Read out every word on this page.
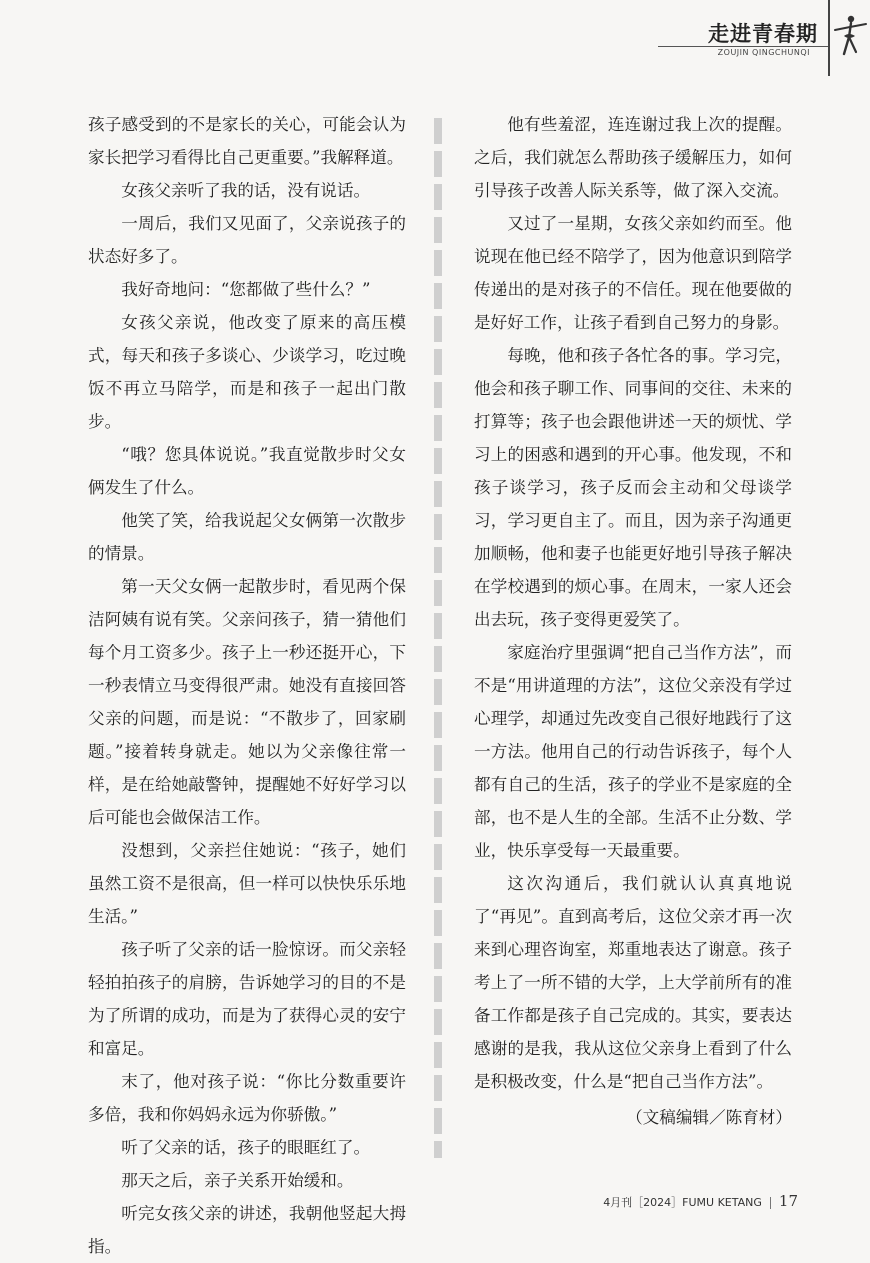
走进青春期
ZOUJIN QINGCHUNQI

孩子感受到的不是家长的关心，可能会认为家长把学习看得比自己更重要。”我解释道。

女孩父亲听了我的话，没有说话。

一周后，我们又见面了，父亲说孩子的状态好多了。

我好奇地问：“您都做了些什么？”

女孩父亲说，他改变了原来的高压模式，每天和孩子多谈心、少谈学习，吃过晚饭不再立马陪学，而是和孩子一起出门散步。

“哦？您具体说说。”我直觉散步时父女俩发生了什么。

他笑了笑，给我说起父女俩第一次散步的情景。

第一天父女俩一起散步时，看见两个保洁阿姨有说有笑。父亲问孩子，猜一猜他们每个月工资多少。孩子上一秒还挺开心，下一秒表情立马变得很严肃。她没有直接回答父亲的问题，而是说：“不散步了，回家刷题。”接着转身就走。她以为父亲像往常一样，是在给她敲警钟，提醒她不好好学习以后可能也会做保洁工作。

没想到，父亲拦住她说：“孩子，她们虽然工资不是很高，但一样可以快快乐乐地生活。”

孩子听了父亲的话一脸惊讶。而父亲轻轻拍拍孩子的肩膀，告诉她学习的目的不是为了所谓的成功，而是为了获得心灵的安宁和富足。

末了，他对孩子说：“你比分数重要许多倍，我和你妈妈永远为你骄傲。”

听了父亲的话，孩子的眼眶红了。

那天之后，亲子关系开始缓和。

听完女孩父亲的讲述，我朝他竖起大拇指。

他有些羞涩，连连谢过我上次的提醒。之后，我们就怎么帮助孩子缓解压力，如何引导孩子改善人际关系等，做了深入交流。

又过了一星期，女孩父亲如约而至。他说现在他已经不陪学了，因为他意识到陪学传递出的是对孩子的不信任。现在他要做的是好好工作，让孩子看到自己努力的身影。

每晚，他和孩子各忙各的事。学习完，他会和孩子聊工作、同事间的交往、未来的打算等；孩子也会跟他讲述一天的烦忧、学习上的困惑和遇到的开心事。他发现，不和孩子谈学习，孩子反而会主动和父母谈学习，学习更自主了。而且，因为亲子沟通更加顺畅，他和妻子也能更好地引导孩子解决在学校遇到的烦心事。在周末，一家人还会出去玩，孩子变得更爱笑了。

家庭治疗里强调“把自己当作方法”，而不是“用讲道理的方法”，这位父亲没有学过心理学，却通过先改变自己很好地践行了这一方法。他用自己的行动告诉孩子，每个人都有自己的生活，孩子的学业不是家庭的全部，也不是人生的全部。生活不止分数、学业，快乐享受每一天最重要。

这次沟通后，我们就认认真真地说了“再见”。直到高考后，这位父亲才再一次来到心理咨询室，郑重地表达了谢意。孩子考上了一所不错的大学，上大学前所有的准备工作都是孩子自己完成的。其实，要表达感谢的是我，我从这位父亲身上看到了什么是积极改变，什么是“把自己当作方法”。

（文稿编辑／陈育材）

4月刊［2024］FUMU KETANG 17
